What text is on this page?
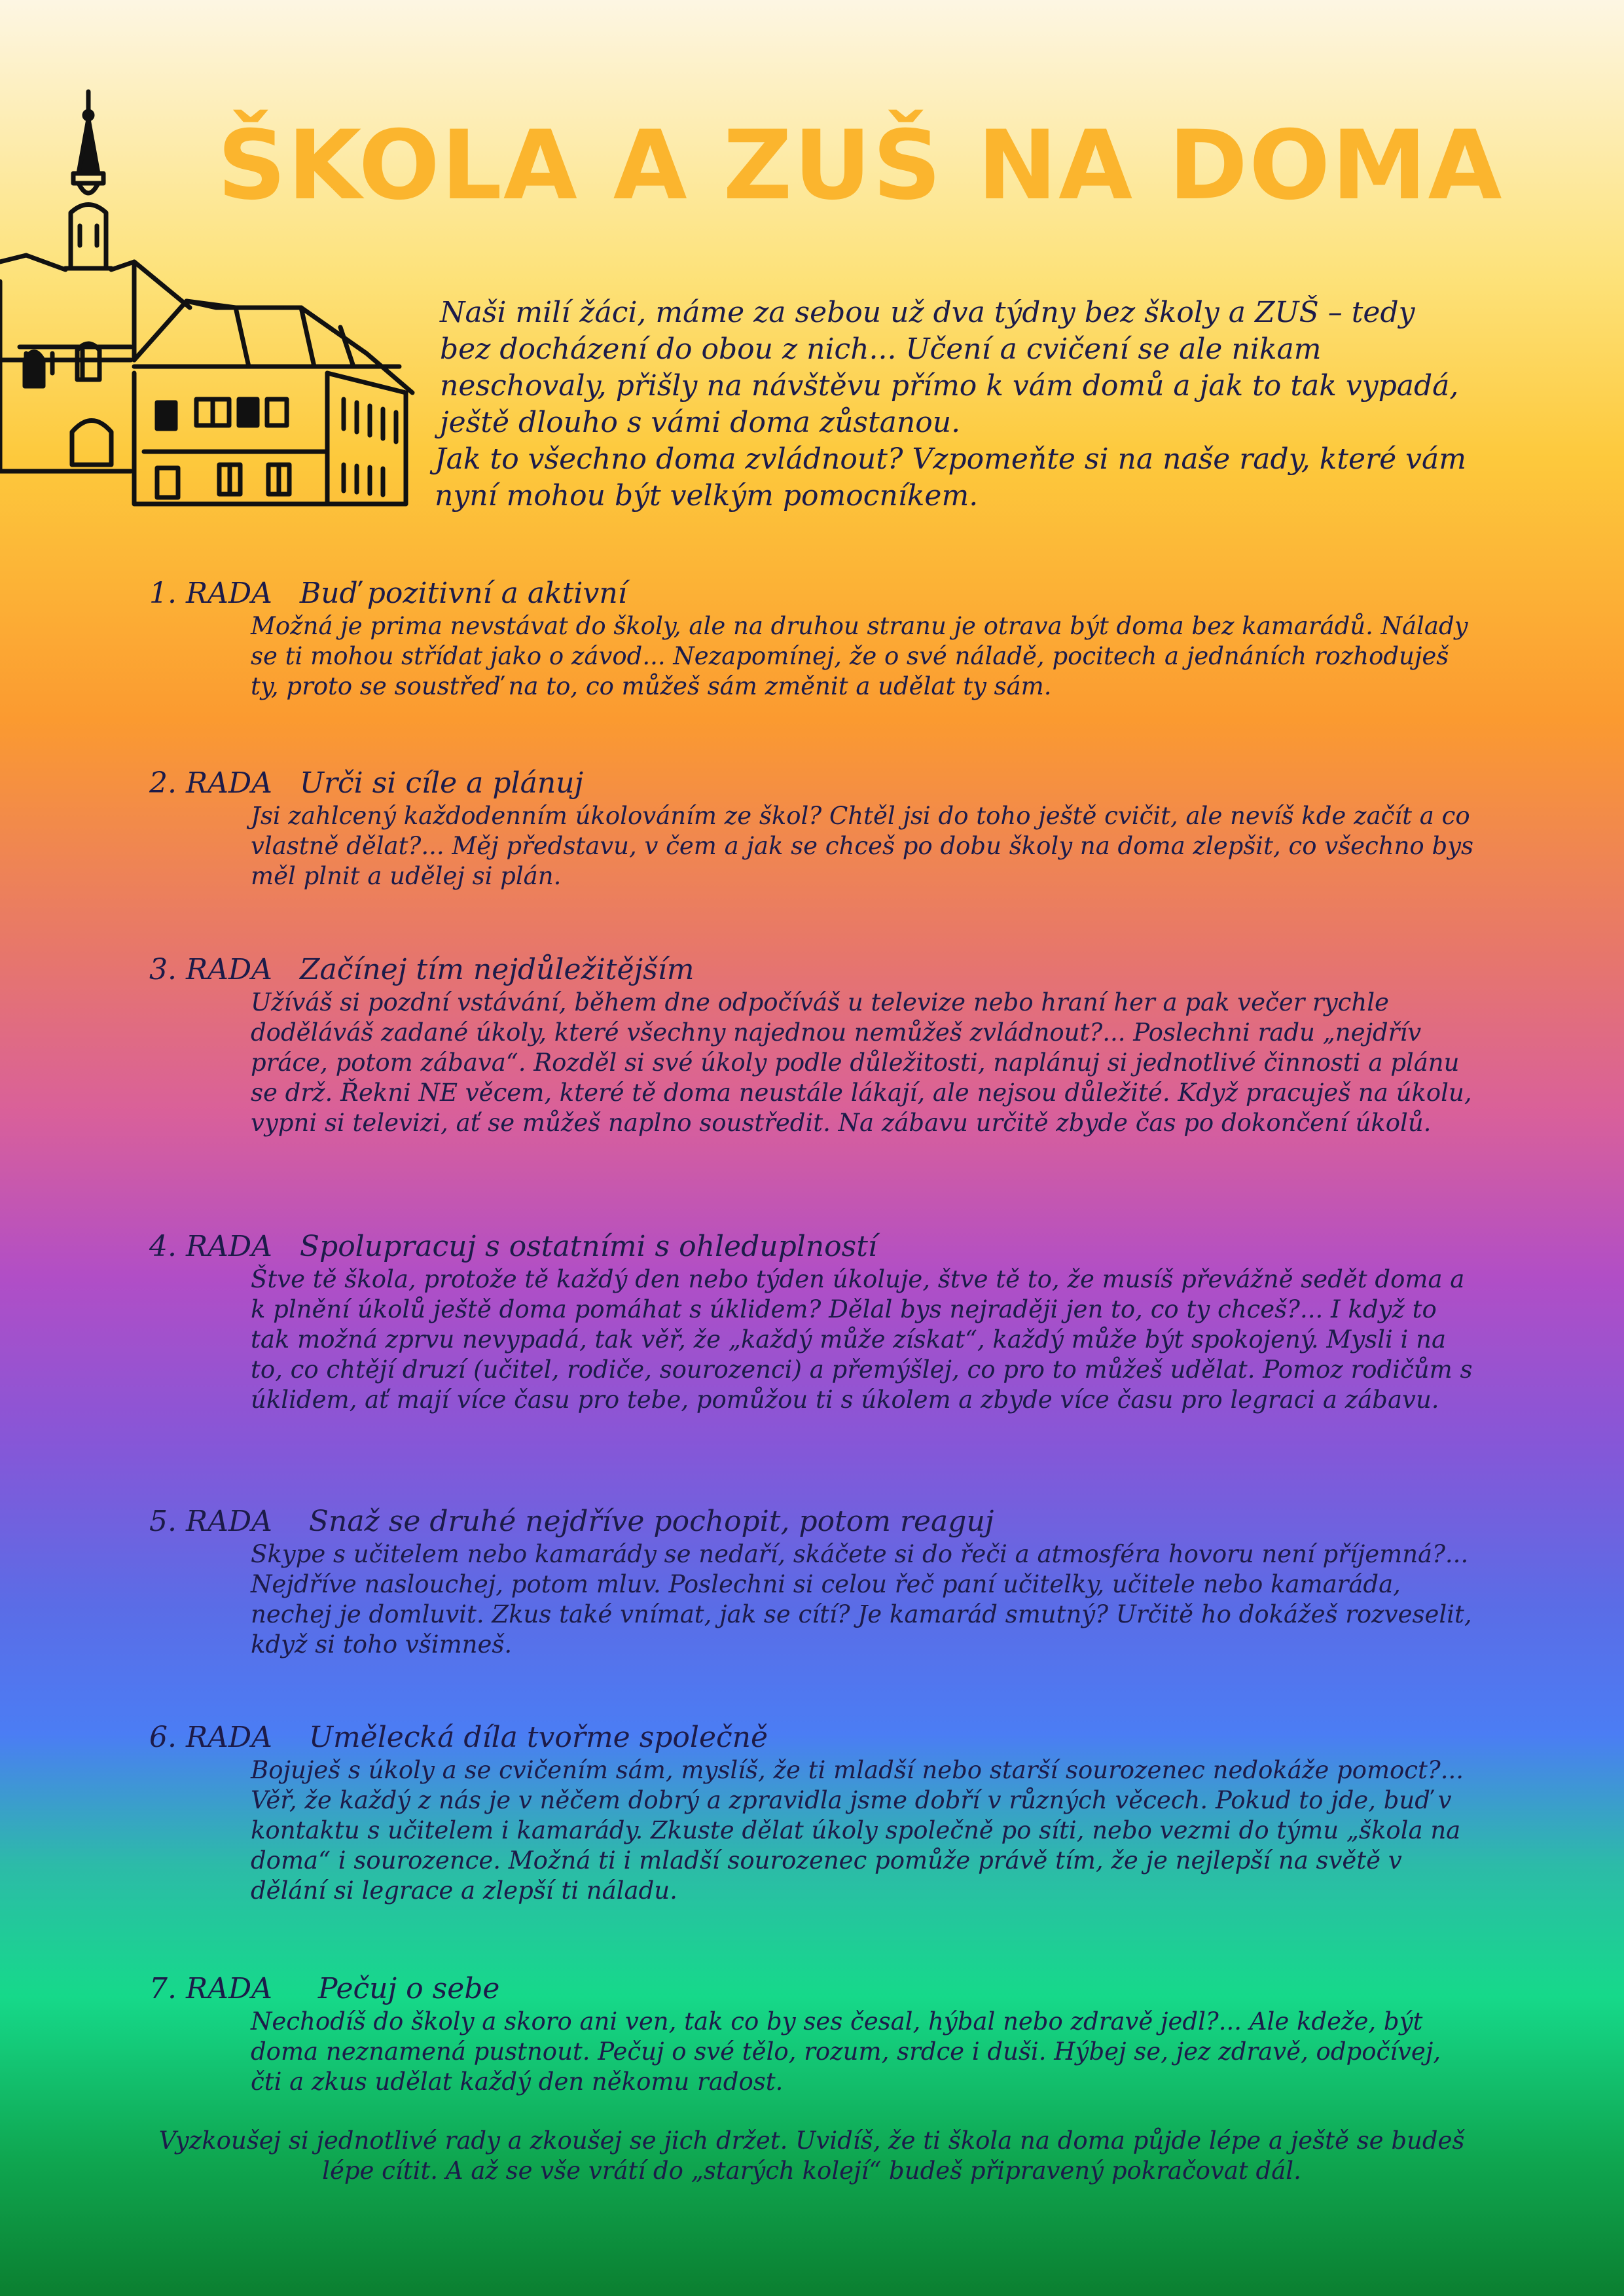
ŠKOLA A ZUŠ NA DOMA

Naši milí žáci, máme za sebou už dva týdny bez školy a ZUŠ – tedy bez docházení do obou z nich... Učení a cvičení se ale nikam neschovaly, přišly na návštěvu přímo k vám domů a jak to tak vypadá, ještě dlouho s vámi doma zůstanou.

Jak to všechno doma zvládnout? Vzpomeňte si na naše rady, které vám nyní mohou být velkým pomocníkem.

1. RADA   Buď pozitivní a aktivní
Možná je prima nevstávat do školy, ale na druhou stranu je otrava být doma bez kamarádů. Nálady se ti mohou střídat jako o závod... Nezapomínej, že o své náladě, pocitech a jednáních rozhoduješ ty, proto se soustřeď na to, co můžeš sám změnit a udělat ty sám.
2. RADA   Urči si cíle a plánuj
Jsi zahlcený každodenním úkolováním ze škol? Chtěl jsi do toho ještě cvičit, ale nevíš kde začít a co vlastně dělat?... Měj představu, v čem a jak se chceš po dobu školy na doma zlepšit, co všechno bys měl plnit a udělej si plán.
3. RADA   Začínej tím nejdůležitějším
Užíváš si pozdní vstávání, během dne odpočíváš u televize nebo hraní her a pak večer rychle doděláváš zadané úkoly, které všechny najednou nemůžeš zvládnout?... Poslechni radu „nejdřív práce, potom zábava“. Rozděl si své úkoly podle důležitosti, naplánuj si jednotlivé činnosti a plánu se drž. Řekni NE věcem, které tě doma neustále lákají, ale nejsou důležité. Když pracuješ na úkolu, vypni si televizi, ať se můžeš naplno soustředit. Na zábavu určitě zbyde čas po dokončení úkolů.
4. RADA   Spolupracuj s ostatními s ohleduplností
Štve tě škola, protože tě každý den nebo týden úkoluje, štve tě to, že musíš převážně sedět doma a k plnění úkolů ještě doma pomáhat s úklidem? Dělal bys nejraději jen to, co ty chceš?... I když to tak možná zprvu nevypadá, tak věř, že „každý může získat“, každý může být spokojený. Mysli i na to, co chtějí druzí (učitel, rodiče, sourozenci) a přemýšlej, co pro to můžeš udělat. Pomoz rodičům s úklidem, ať mají více času pro tebe, pomůžou ti s úkolem a zbyde více času pro legraci a zábavu.
5. RADA    Snaž se druhé nejdříve pochopit, potom reaguj
Skype s učitelem nebo kamarády se nedaří, skáčete si do řeči a atmosféra hovoru není příjemná?... Nejdříve naslouchej, potom mluv. Poslechni si celou řeč paní učitelky, učitele nebo kamaráda, nechej je domluvit. Zkus také vnímat, jak se cítí? Je kamarád smutný? Určitě ho dokážeš rozveselit, když si toho všimneš.
6. RADA    Umělecká díla tvořme společně
Bojuješ s úkoly a se cvičením sám, myslíš, že ti mladší nebo starší sourozenec nedokáže pomoct?... Věř, že každý z nás je v něčem dobrý a zpravidla jsme dobří v různých věcech. Pokud to jde, buď v kontaktu s učitelem i kamarády. Zkuste dělat úkoly společně po síti, nebo vezmi do týmu „škola na doma“ i sourozence. Možná ti i mladší sourozenec pomůže právě tím, že je nejlepší na světě v dělání si legrace a zlepší ti náladu.
7. RADA     Pečuj o sebe
Nechodíš do školy a skoro ani ven, tak co by ses česal, hýbal nebo zdravě jedl?... Ale kdeže, být doma neznamená pustnout. Pečuj o své tělo, rozum, srdce i duši. Hýbej se, jez zdravě, odpočívej, čti a zkus udělat každý den někomu radost.
Vyzkoušej si jednotlivé rady a zkoušej se jich držet. Uvidíš, že ti škola na doma půjde lépe a ještě se budeš lépe cítit. A až se vše vrátí do „starých kolejí“ budeš připravený pokračovat dál.
